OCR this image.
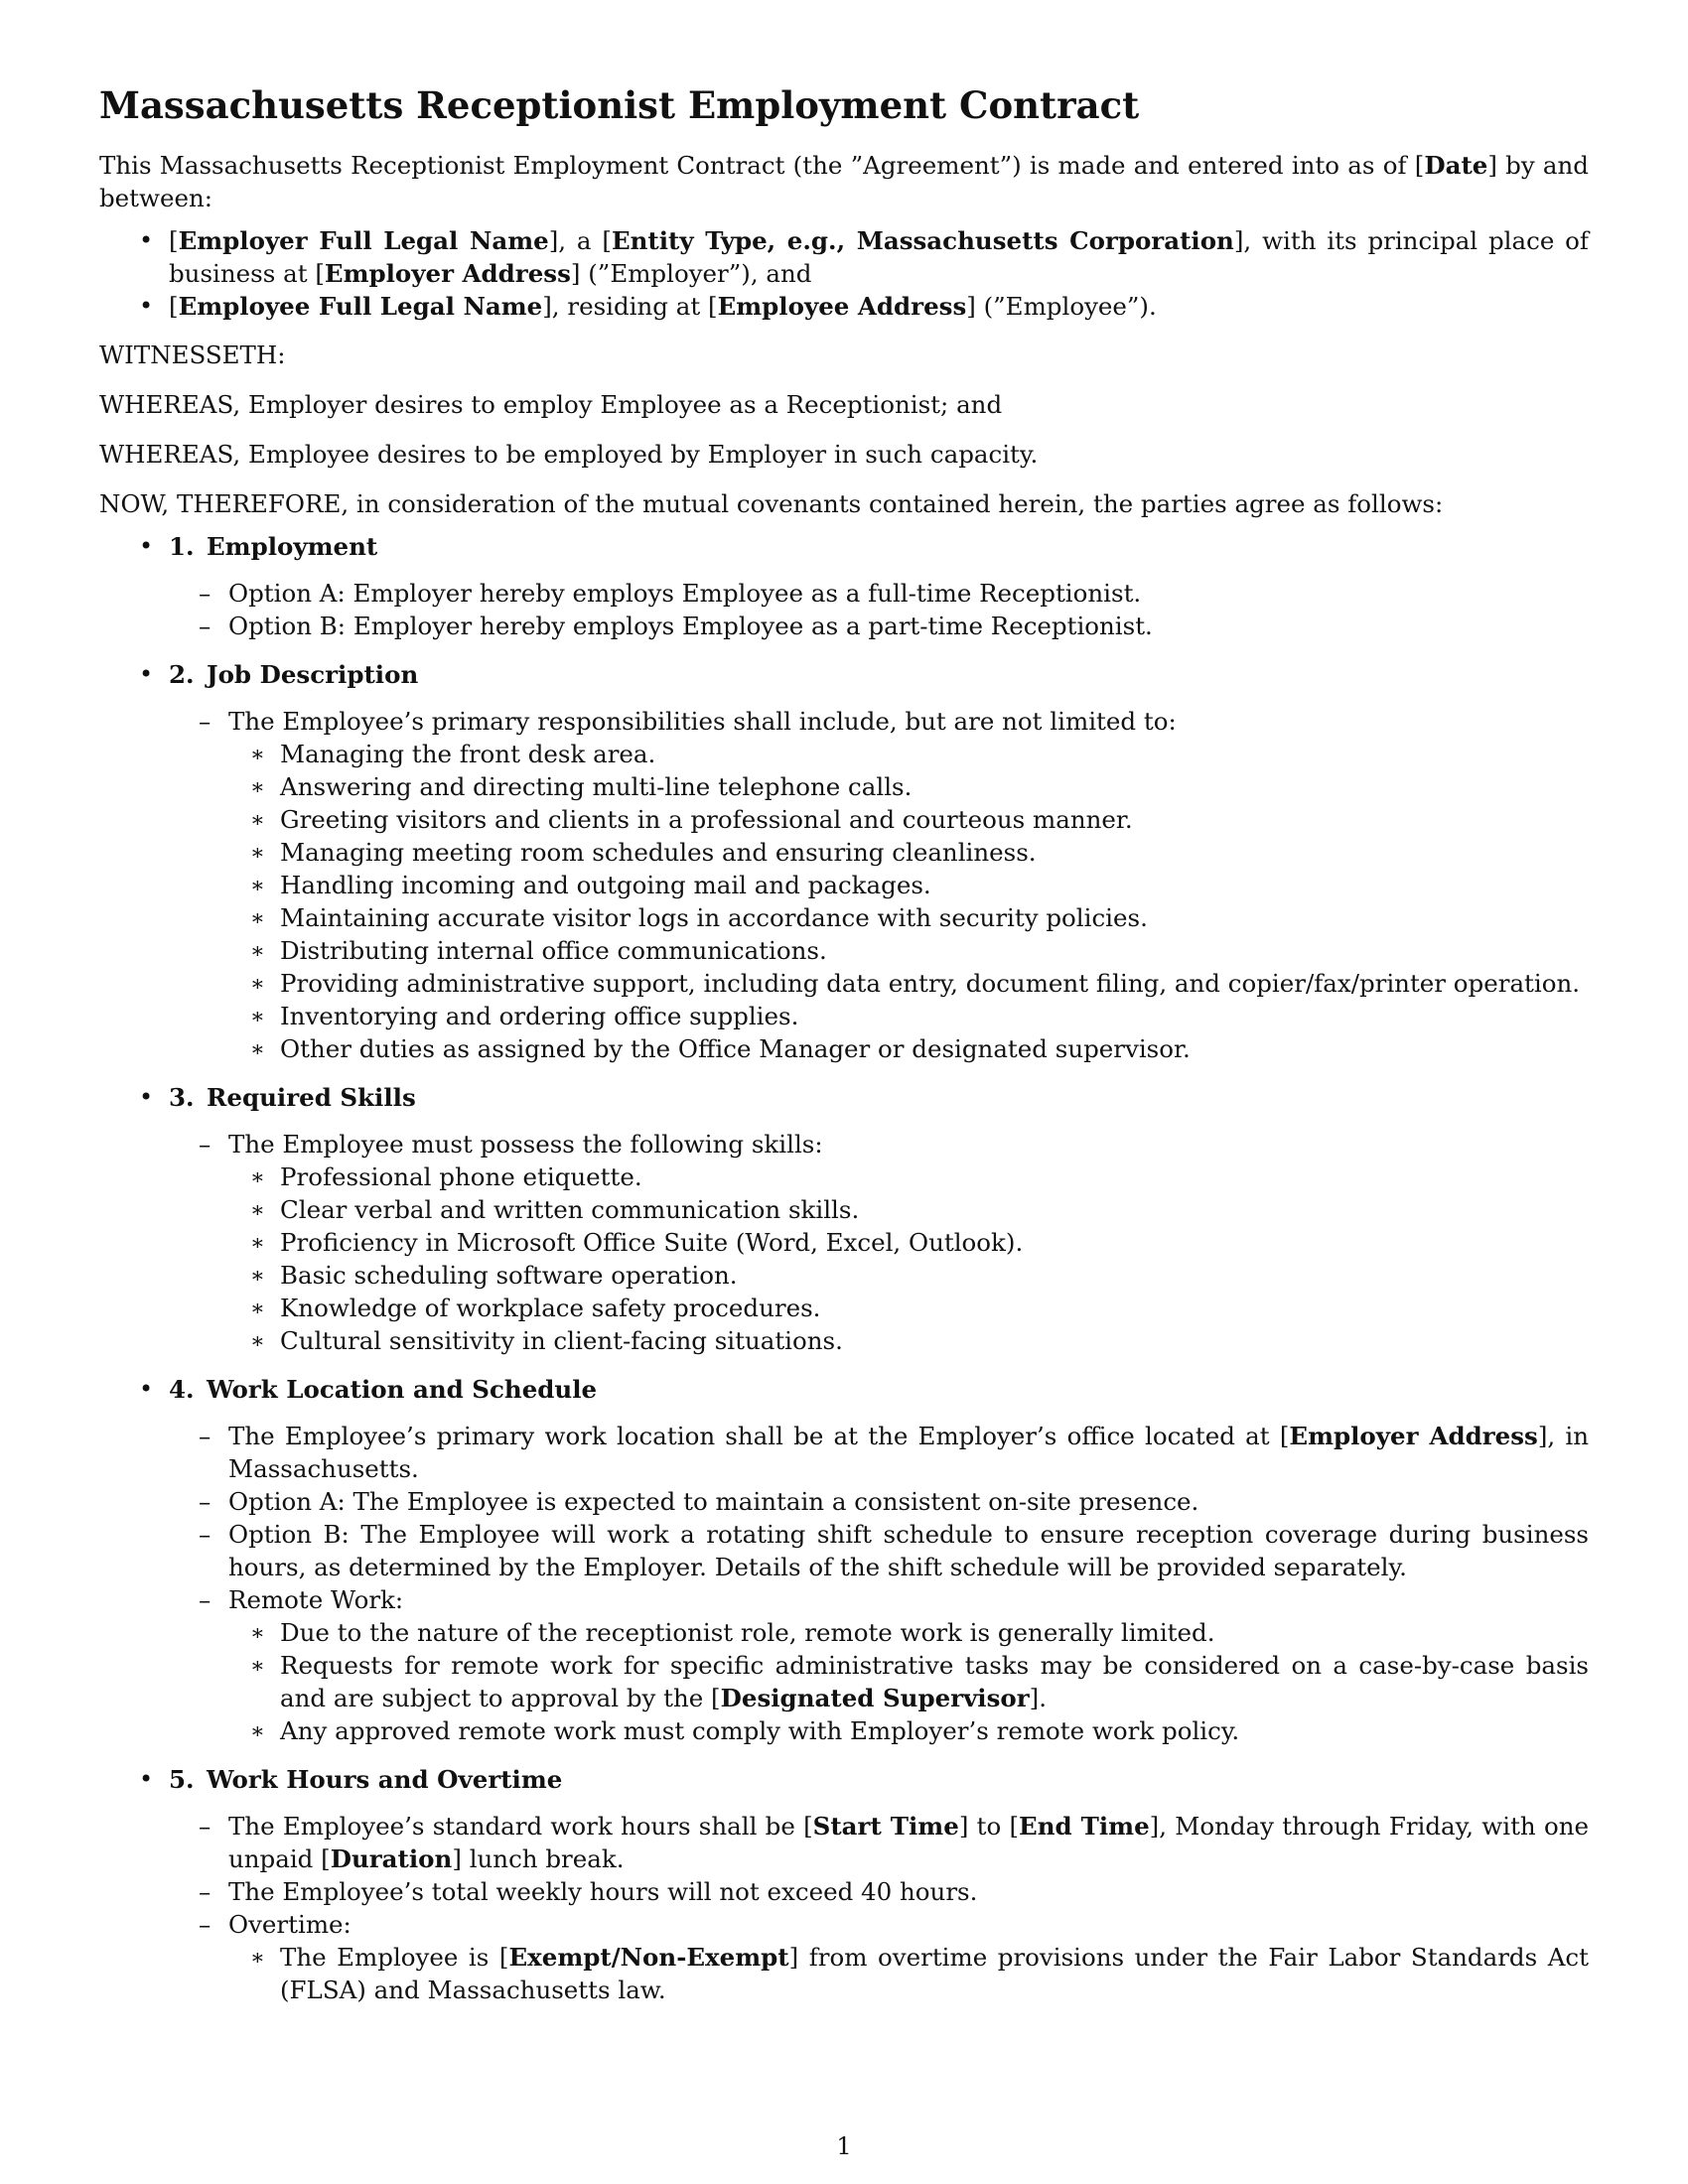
Massachusetts Receptionist Employment Contract

This Massachusetts Receptionist Employment Contract (the ”Agreement”) is made and entered into as of [Date] by and between:

• [Employer Full Legal Name], a [Entity Type, e.g., Massachusetts Corporation], with its principal place of business at [Employer Address] (”Employer”), and
• [Employee Full Legal Name], residing at [Employee Address] (”Employee”).

WITNESSETH:

WHEREAS, Employer desires to employ Employee as a Receptionist; and

WHEREAS, Employee desires to be employed by Employer in such capacity.

NOW, THEREFORE, in consideration of the mutual covenants contained herein, the parties agree as follows:

• 1. Employment
– Option A: Employer hereby employs Employee as a full-time Receptionist.
– Option B: Employer hereby employs Employee as a part-time Receptionist.
• 2. Job Description
– The Employee’s primary responsibilities shall include, but are not limited to:
∗ Managing the front desk area.
∗ Answering and directing multi-line telephone calls.
∗ Greeting visitors and clients in a professional and courteous manner.
∗ Managing meeting room schedules and ensuring cleanliness.
∗ Handling incoming and outgoing mail and packages.
∗ Maintaining accurate visitor logs in accordance with security policies.
∗ Distributing internal office communications.
∗ Providing administrative support, including data entry, document filing, and copier/fax/printer operation.
∗ Inventorying and ordering office supplies.
∗ Other duties as assigned by the Office Manager or designated supervisor.
• 3. Required Skills
– The Employee must possess the following skills:
∗ Professional phone etiquette.
∗ Clear verbal and written communication skills.
∗ Proficiency in Microsoft Office Suite (Word, Excel, Outlook).
∗ Basic scheduling software operation.
∗ Knowledge of workplace safety procedures.
∗ Cultural sensitivity in client-facing situations.
• 4. Work Location and Schedule
– The Employee’s primary work location shall be at the Employer’s office located at [Employer Address], in Massachusetts.
– Option A: The Employee is expected to maintain a consistent on-site presence.
– Option B: The Employee will work a rotating shift schedule to ensure reception coverage during business hours, as determined by the Employer. Details of the shift schedule will be provided separately.
– Remote Work:
∗ Due to the nature of the receptionist role, remote work is generally limited.
∗ Requests for remote work for specific administrative tasks may be considered on a case-by-case basis and are subject to approval by the [Designated Supervisor].
∗ Any approved remote work must comply with Employer’s remote work policy.
• 5. Work Hours and Overtime
– The Employee’s standard work hours shall be [Start Time] to [End Time], Monday through Friday, with one unpaid [Duration] lunch break.
– The Employee’s total weekly hours will not exceed 40 hours.
– Overtime:
∗ The Employee is [Exempt/Non-Exempt] from overtime provisions under the Fair Labor Standards Act (FLSA) and Massachusetts law.
1
